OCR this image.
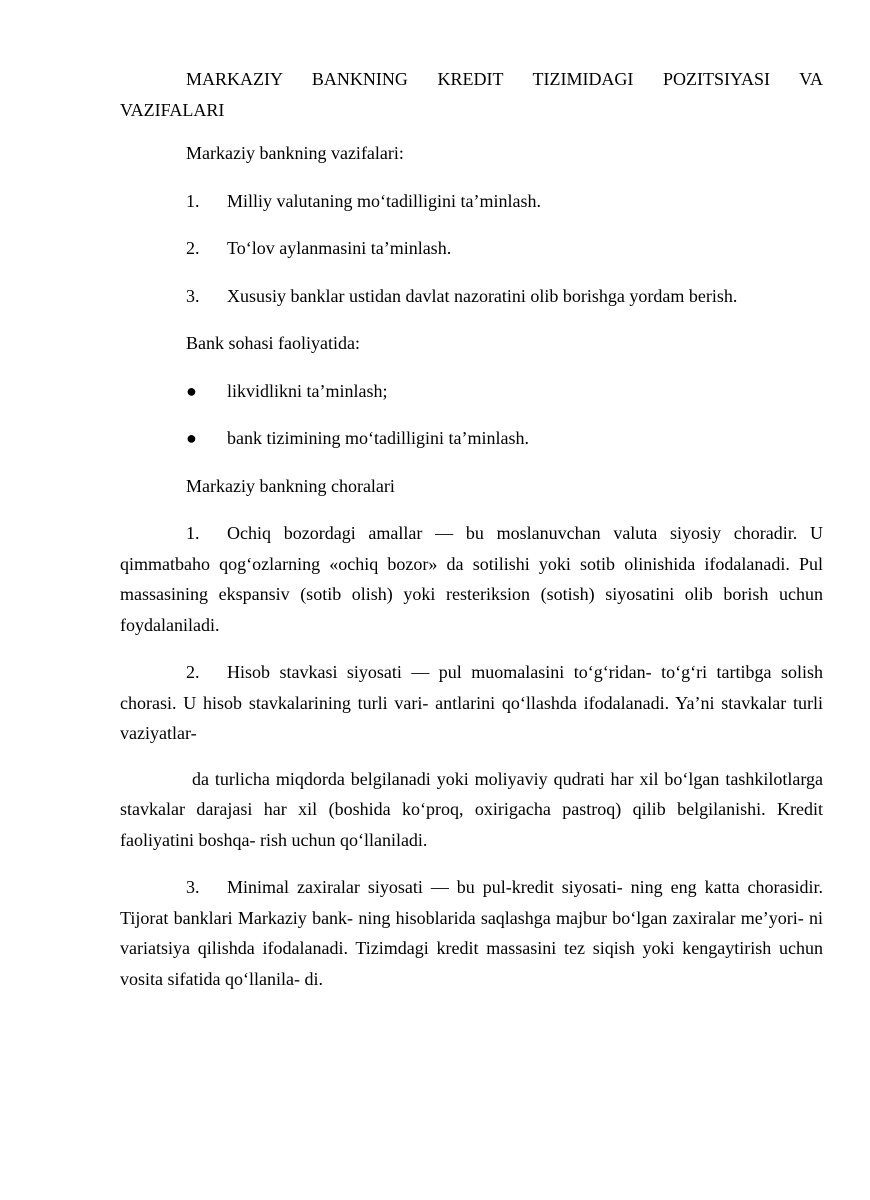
MARKAZIY BANKNING KREDIT TIZIMIDAGI POZITSIYASI VA VAZIFALARI

Markaziy bankning vazifalari:

1. Milliy valutaning mo‘tadilligini ta’minlash.
2. To‘lov aylanmasini ta’minlash.

3. Xususiy banklar ustidan davlat nazoratini olib borishga yordam berish.

Bank sohasi faoliyatida:

● likvidlikni ta’minlash;
● bank tizimining mo‘tadilligini ta’minlash.

Markaziy bankning choralari

1. Ochiq bozordagi amallar — bu moslanuvchan valuta siyosiy choradir. U qimmatbaho qog‘ozlarning «ochiq bozor» da sotilishi yoki sotib olinishida ifodalanadi. Pul massasining ekspansiv (sotib olish) yoki resteriksion (sotish) siyosatini olib borish uchun foydalaniladi.

2. Hisob stavkasi siyosati — pul muomalasini to‘g‘ridan- to‘g‘ri tartibga solish chorasi. U hisob stavkalarining turli vari- antlarini qo‘llashda ifodalanadi. Ya’ni stavkalar turli vaziyatlar-

da turlicha miqdorda belgilanadi yoki moliyaviy qudrati har xil bo‘lgan tashkilotlarga stavkalar darajasi har xil (boshida ko‘proq, oxirigacha pastroq) qilib belgilanishi. Kredit faoliyatini boshqa- rish uchun qo‘llaniladi.

3. Minimal zaxiralar siyosati — bu pul-kredit siyosati- ning eng katta chorasidir. Tijorat banklari Markaziy bank- ning hisoblarida saqlashga majbur bo‘lgan zaxiralar me’yori- ni variatsiya qilishda ifodalanadi. Tizimdagi kredit massasini tez siqish yoki kengaytirish uchun vosita sifatida qo‘llanila- di.
